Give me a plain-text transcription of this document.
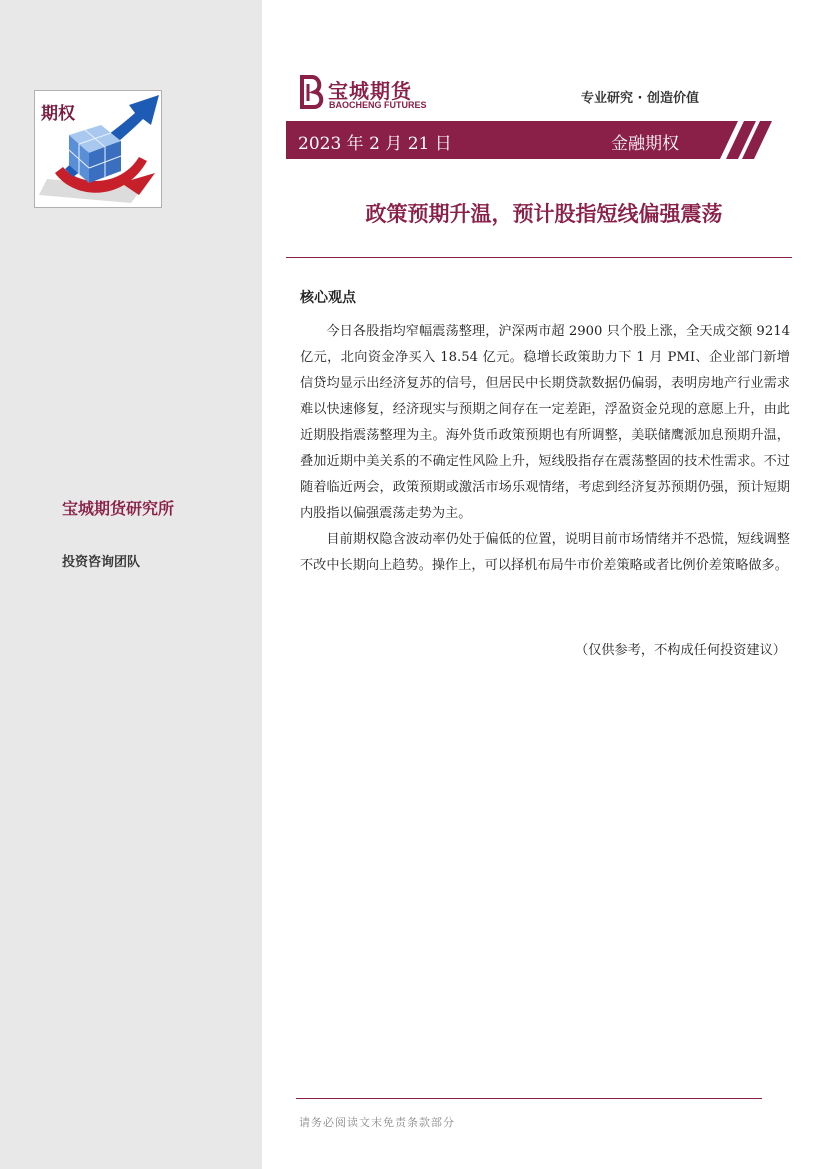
期权
宝城期货研究所
投资咨询团队
宝城期货
BAOCHENG FUTURES	专业研究 · 创造价值
2023 年 2 月 21 日	金融期权
政策预期升温，预计股指短线偏强震荡
核心观点

今日各股指均窄幅震荡整理，沪深两市超 2900 只个股上涨，全天成交额 9214 亿元，北向资金净买入 18.54 亿元。稳增长政策助力下 1 月 PMI、企业部门新增信贷均显示出经济复苏的信号，但居民中长期贷款数据仍偏弱，表明房地产行业需求难以快速修复，经济现实与预期之间存在一定差距，浮盈资金兑现的意愿上升，由此近期股指震荡整理为主。海外货币政策预期也有所调整，美联储鹰派加息预期升温，叠加近期中美关系的不确定性风险上升，短线股指存在震荡整固的技术性需求。不过随着临近两会，政策预期或激活市场乐观情绪，考虑到经济复苏预期仍强，预计短期内股指以偏强震荡走势为主。

目前期权隐含波动率仍处于偏低的位置，说明目前市场情绪并不恐慌，短线调整不改中长期向上趋势。操作上，可以择机布局牛市价差策略或者比例价差策略做多。

（仅供参考，不构成任何投资建议）
请务必阅读文末免责条款部分
